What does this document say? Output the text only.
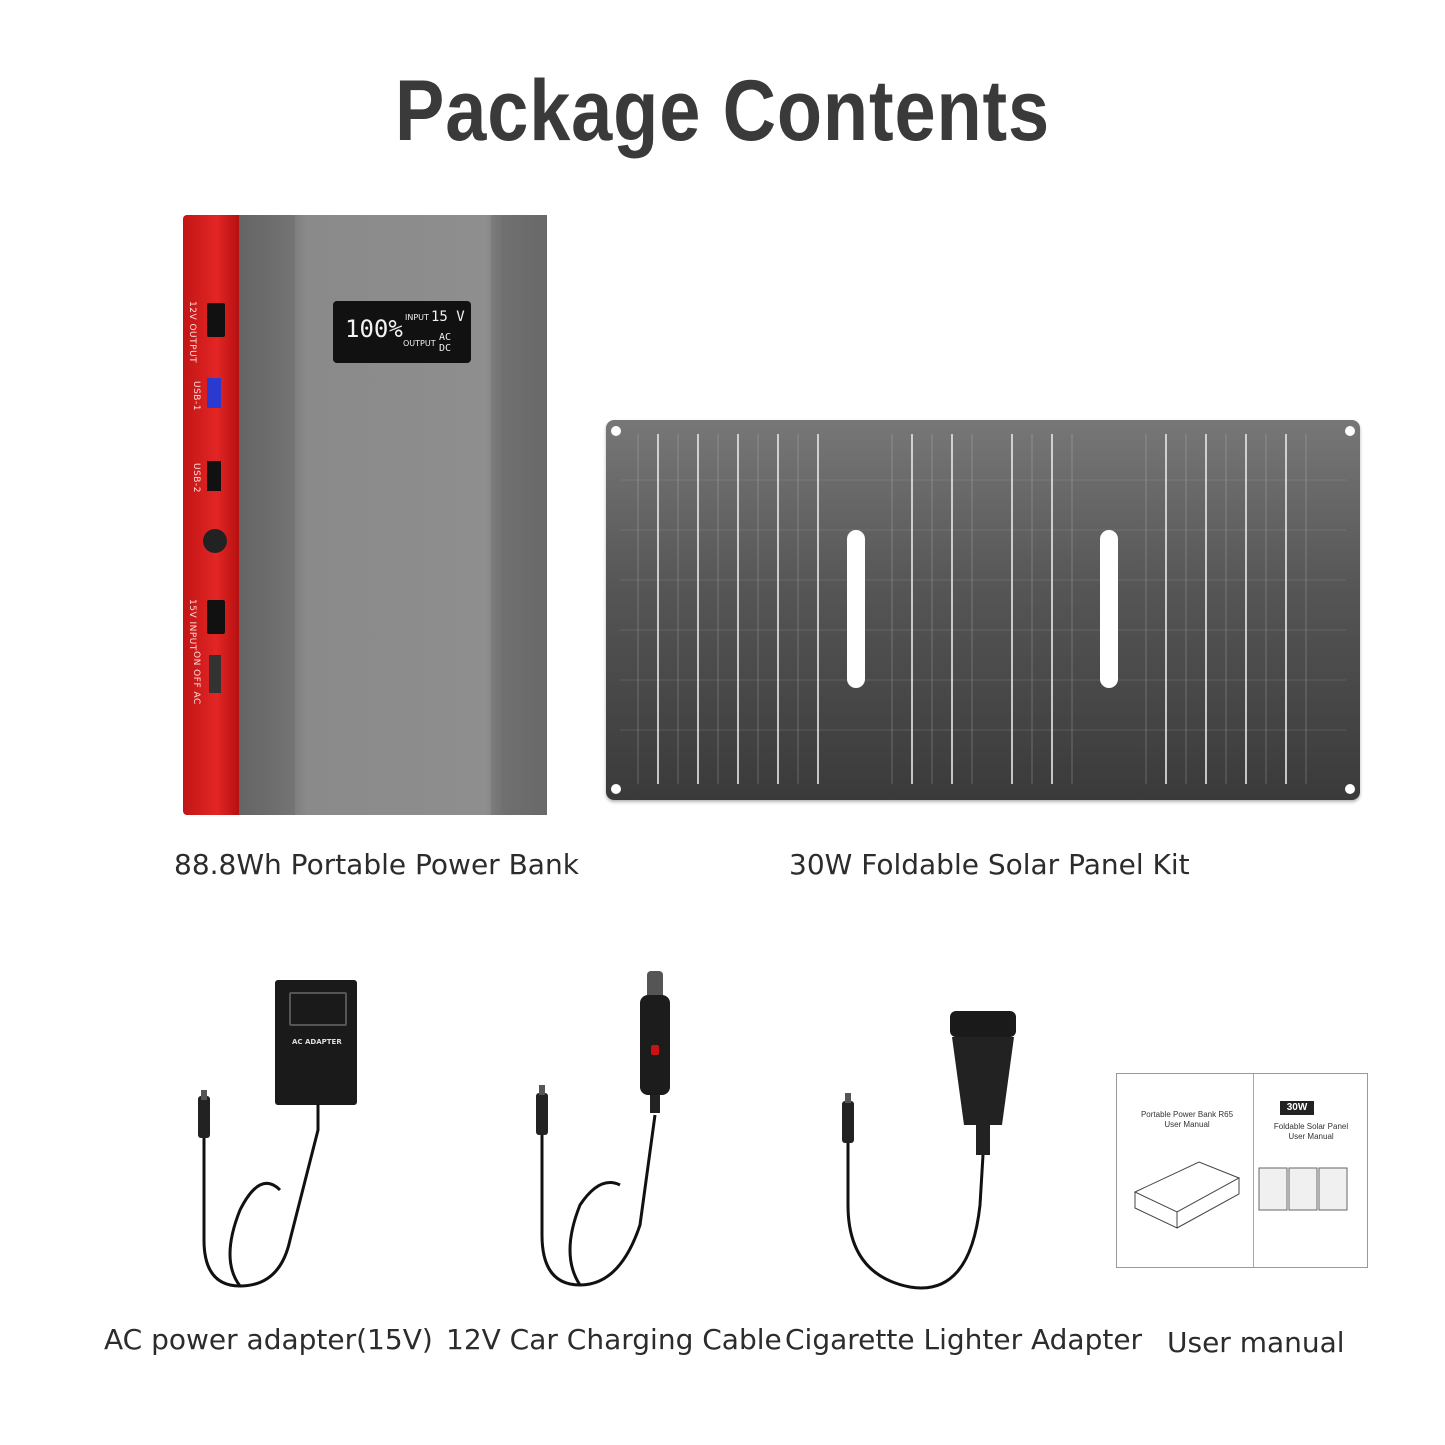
Package Contents
12V OUTPUT
USB-1
USB-2
15V INPUT
ON OFF AC
100% INPUT 15 V
OUTPUT
AC
DC
88.8Wh Portable Power Bank	30W Foldable Solar Panel Kit
AC ADAPTER
AC power adapter(15V) 12V Car Charging Cable Cigarette Lighter Adapter
Portable Power Bank R65
User Manual	Foldable Solar Panel
User Manual
30W
User manual
